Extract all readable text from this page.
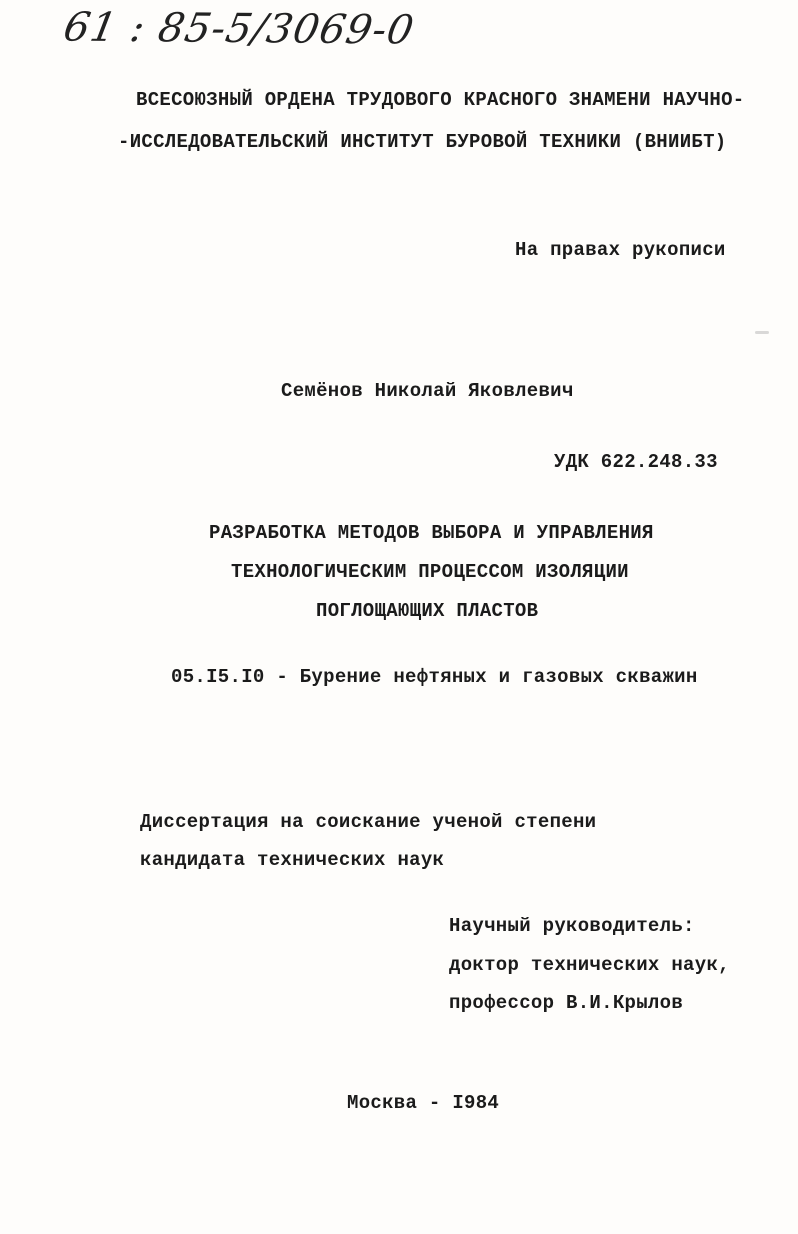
61 : 85-5/3069-0
ВСЕСОЮЗНЫЙ ОРДЕНА ТРУДОВОГО КРАСНОГО ЗНАМЕНИ НАУЧНО-
-ИССЛЕДОВАТЕЛЬСКИЙ ИНСТИТУТ БУРОВОЙ ТЕХНИКИ (ВНИИБТ)
На правах рукописи
Семёнов Николай Яковлевич
УДК 622.248.33
РАЗРАБОТКА МЕТОДОВ ВЫБОРА И УПРАВЛЕНИЯ
ТЕХНОЛОГИЧЕСКИМ ПРОЦЕССОМ ИЗОЛЯЦИИ
ПОГЛОЩАЮЩИХ ПЛАСТОВ
05.I5.I0 - Бурение нефтяных и газовых скважин
Диссертация на соискание ученой степени
кандидата технических наук
Научный руководитель:
доктор технических наук,
профессор В.И.Крылов
Москва - I984
